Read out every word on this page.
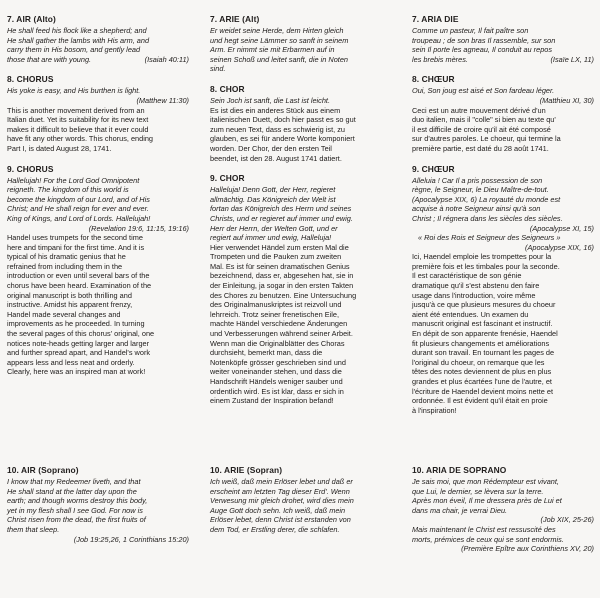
7. AIR (Alto)

He shall feed his flock like a shepherd; and

He shall gather the lambs with His arm, and

carry them in His bosom, and gently lead

those that are with young.	(Isaiah 40:11)

8. CHORUS

His yoke is easy, and His burthen is light.

(Matthew 11:30)

This is another movement derived from an

Italian duet. Yet its suitability for its new text

makes it difficult to believe that it ever could

have fit any other words. This chorus, ending

Part I, is dated August 28, 1741.

9. CHORUS

Hallelujah! For the Lord God Omnipotent

reigneth. The kingdom of this world is

become the kingdom of our Lord, and of His

Christ; and He shall reign for ever and ever.

King of Kings, and Lord of Lords. Hallelujah!

(Revelation 19:6, 11:15, 19:16)

Handel uses trumpets for the second time

here and timpani for the first time. And it is

typical of his dramatic genius that he

refrained from including them in the

introduction or even until several bars of the

chorus have been heard. Examination of the

original manuscript is both thrilling and

instructive. Amidst his apparent frenzy,

Handel made several changes and

improvements as he proceeded. In turning

the several pages of this chorus' original, one

notices note-heads getting larger and larger

and further spread apart, and Handel's work

appears less and less neat and orderly.

Clearly, here was an inspired man at work!

10. AIR (Soprano)

I know that my Redeemer liveth, and that

He shall stand at the latter day upon the

earth; and though worms destroy this body,

yet in my flesh shall I see God. For now is

Christ risen from the dead, the first fruits of

them that sleep.

(Job 19:25,26, 1 Corinthians 15:20)

7. ARIE (Alt)

Er weidet seine Herde, dem Hirten gleich

und hegt seine Lämmer so sanft in seinem

Arm. Er nimmt sie mit Erbarmen auf in

seinen Schoß und leitet sanft, die in Noten

sind.

8. CHOR

Sein Joch ist sanft, die Last ist leicht.

Es ist dies ein anderes Stück aus einem

italienischen Duett, doch hier passt es so gut

zum neuen Text, dass es schwierig ist, zu

glauben, es sei für andere Worte komponiert

worden. Der Chor, der den ersten Teil

beendet, ist den 28. August 1741 datiert.

9. CHOR

Halleluja! Denn Gott, der Herr, regieret

allmächtig. Das Königreich der Welt ist

fortan das Königreich des Herrn und seines

Christs, und er regieret auf immer und ewig.

Herr der Herrn, der Welten Gott, und er

regiert auf immer und ewig, Halleluja!

Hier verwendet Händel zum ersten Mal die

Trompeten und die Pauken zum zweiten

Mal. Es ist für seinen dramatischen Genius

bezeichnend, dass er, abgesehen hat, sie in

der Einleitung, ja sogar in den ersten Takten

des Chores zu benutzen. Eine Untersuchung

des Originalmanuskriptes ist reizvoll und

lehrreich. Trotz seiner frenetischen Eile,

machte Händel verschiedene Änderungen

und Verbesserungen während seiner Arbeit.

Wenn man die Originalblätter des Choras

durchsieht, bemerkt man, dass die

Notenköpfe grösser geschrieben sind und

weiter voneinander stehen, und dass die

Handschrift Händels weniger sauber und

ordentlich wird. Es ist klar, dass er sich in

einem Zustand der Inspiration befand!

10. ARIE (Sopran)

Ich weiß, daß mein Erlöser lebet und daß er

erscheint am letzten Tag dieser Erd'. Wenn

Verwesung mir gleich drohet, wird dies mein

Auge Gott doch sehn. Ich weiß, daß mein

Erlöser lebet, denn Christ ist erstanden von

dem Tod, er Erstling derer, die schlafen.

7. ARIA DIE

Comme un pasteur, Il fait paître son

troupeau ; de son bras Il rassemble, sur son

sein Il porte les agneau, Il conduit au repos

les brebis mères.	(Isaïe LX, 11)

8. CHŒUR

Oui, Son joug est aisé et Son fardeau léger.

(Matthieu XI, 30)

Ceci est un autre mouvement dérivé d'un

duo italien, mais il "colle" si bien au texte qu'

il est difficile de croire qu'il ait été composé

sur d'autres paroles. Le choeur, qui termine la

première partie, est daté du 28 août 1741.

9. CHŒUR

Alleluia ! Car Il a pris possession de son

règne, le Seigneur, le Dieu Maître-de-tout.

(Apocalypse XIX, 6) La royauté du monde est

acquise à notre Seigneur ainsi qu'à son

Christ ; Il régnera dans les siècles des siècles.

(Apocalypse XI, 15)

« Roi des Rois et Seigneur des Seigneurs »

(Apocalypse XIX, 16)

Ici, Haendel emploie les trompettes pour la

première fois et les timbales pour la seconde.

Il est caractéristique de son génie

dramatique qu'il s'est abstenu den faire

usage dans l'introduction, voire même

jusqu'à ce que plusieurs mesures du choeur

aient été entendues. Un examen du

manuscrit original est fascinant et instructif.

En dépit de son apparente frenésie, Haendel

fit plusieurs changements et améliorations

durant son travail. En tournant les pages de

l'original du choeur, on remarque que les

têtes des notes deviennent de plus en plus

grandes et plus écartées l'une de l'autre, et

l'écriture de Haendel devient moins nette et

ordonnée. Il est évident qu'il était en proie

à l'inspiration!

10. ARIA DE SOPRANO

Je sais moi, que mon Rédempteur est vivant,

que Lui, le dernier, se lèvera sur la terre.

Après mon éveil, Il me dressera près de Lui et

dans ma chair, je verrai Dieu.

(Job XIX, 25-26)

Mais maintenant le Christ est ressuscité des

morts, prémices de ceux qui se sont endormis.

(Première Epître aux Corinthiens XV, 20)
